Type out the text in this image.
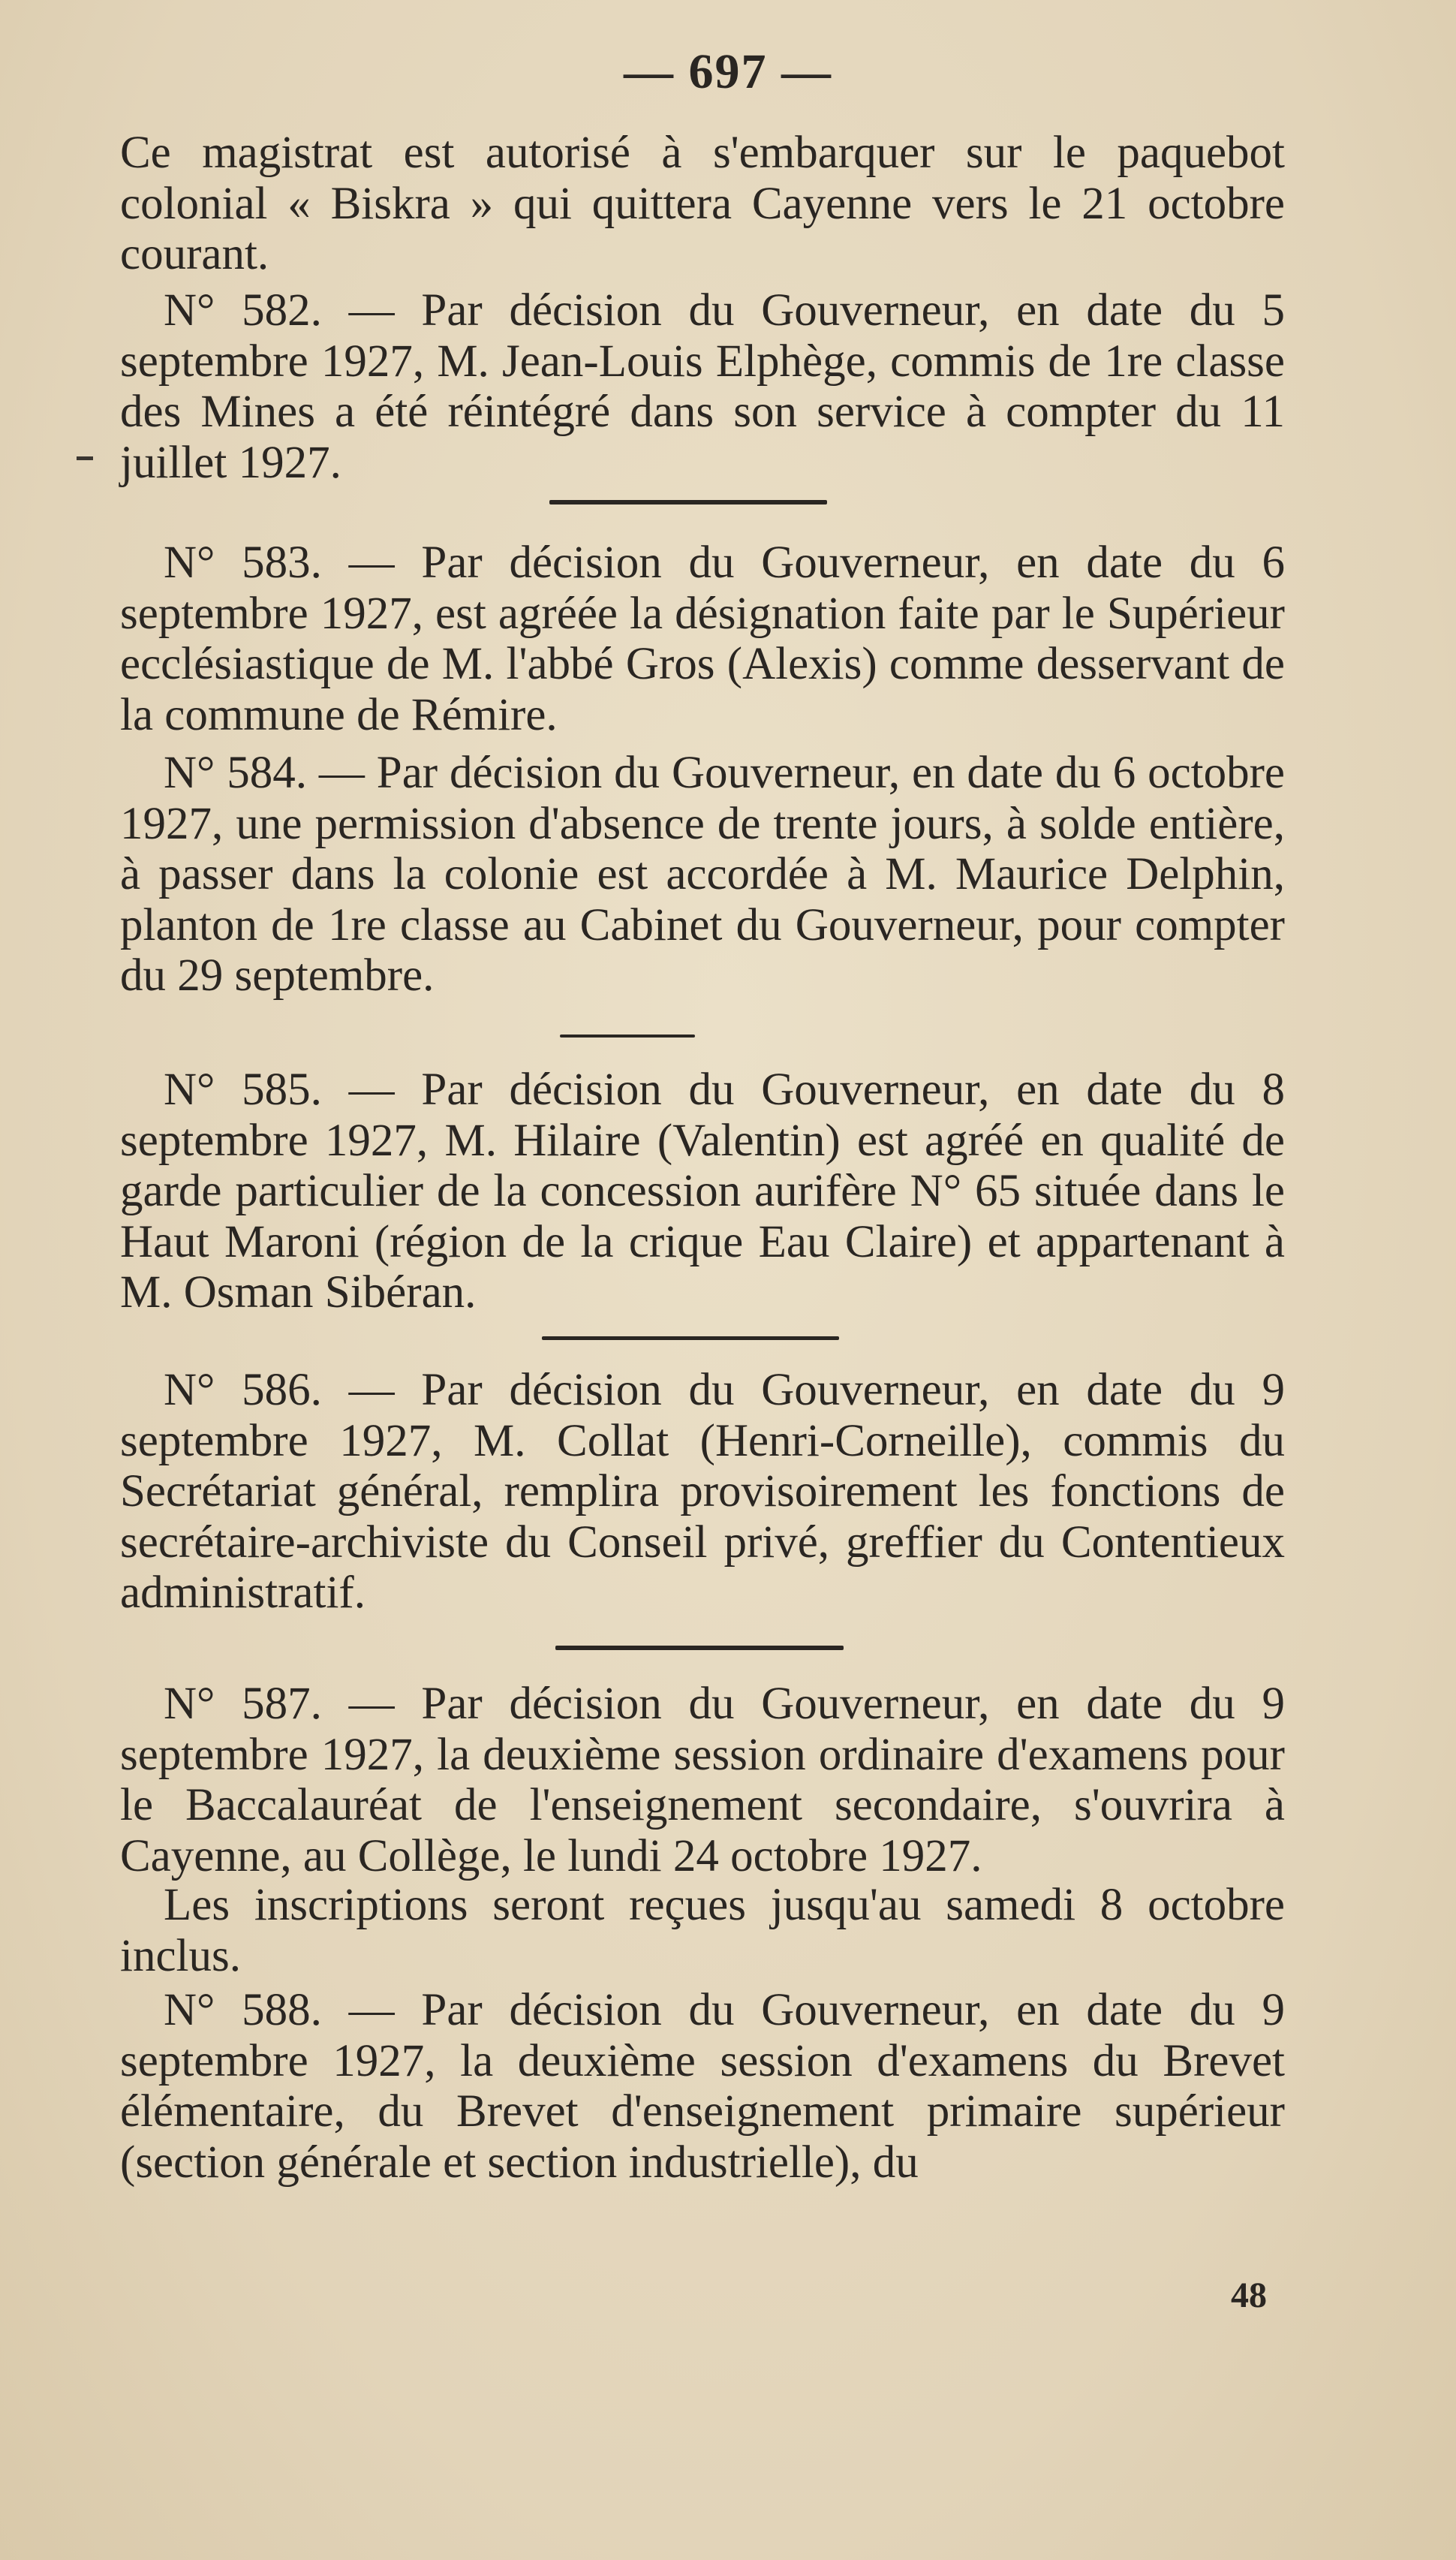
— 697 —
Ce magistrat est autorisé à s'embarquer sur le paquebot colonial « Biskra » qui quittera Cayenne vers le 21 octobre courant.
N° 582. — Par décision du Gouverneur, en date du 5 septembre 1927, M. Jean-Louis Elphège, commis de 1re classe des Mines a été réintégré dans son service à compter du 11 juillet 1927.
N° 583. — Par décision du Gouverneur, en date du 6 septembre 1927, est agréée la désignation faite par le Supérieur ecclésiastique de M. l'abbé Gros (Alexis) comme desservant de la commune de Rémire.
N° 584. — Par décision du Gouverneur, en date du 6 octobre 1927, une permission d'absence de trente jours, à solde entière, à passer dans la colonie est accordée à M. Maurice Delphin, planton de 1re classe au Cabinet du Gouverneur, pour compter du 29 septembre.
N° 585. — Par décision du Gouverneur, en date du 8 septembre 1927, M. Hilaire (Valentin) est agréé en qualité de garde particulier de la concession aurifère N° 65 située dans le Haut Maroni (région de la crique Eau Claire) et appartenant à M. Osman Sibéran.
N° 586. — Par décision du Gouverneur, en date du 9 septembre 1927, M. Collat (Henri-Corneille), commis du Secrétariat général, remplira provisoirement les fonctions de secrétaire-archiviste du Conseil privé, greffier du Contentieux administratif.
N° 587. — Par décision du Gouverneur, en date du 9 septembre 1927, la deuxième session ordinaire d'examens pour le Baccalauréat de l'enseignement secondaire, s'ouvrira à Cayenne, au Collège, le lundi 24 octobre 1927.
Les inscriptions seront reçues jusqu'au samedi 8 octobre inclus.
N° 588. — Par décision du Gouverneur, en date du 9 septembre 1927, la deuxième session d'examens du Brevet élémentaire, du Brevet d'enseignement primaire supérieur (section générale et section industrielle), du
48
